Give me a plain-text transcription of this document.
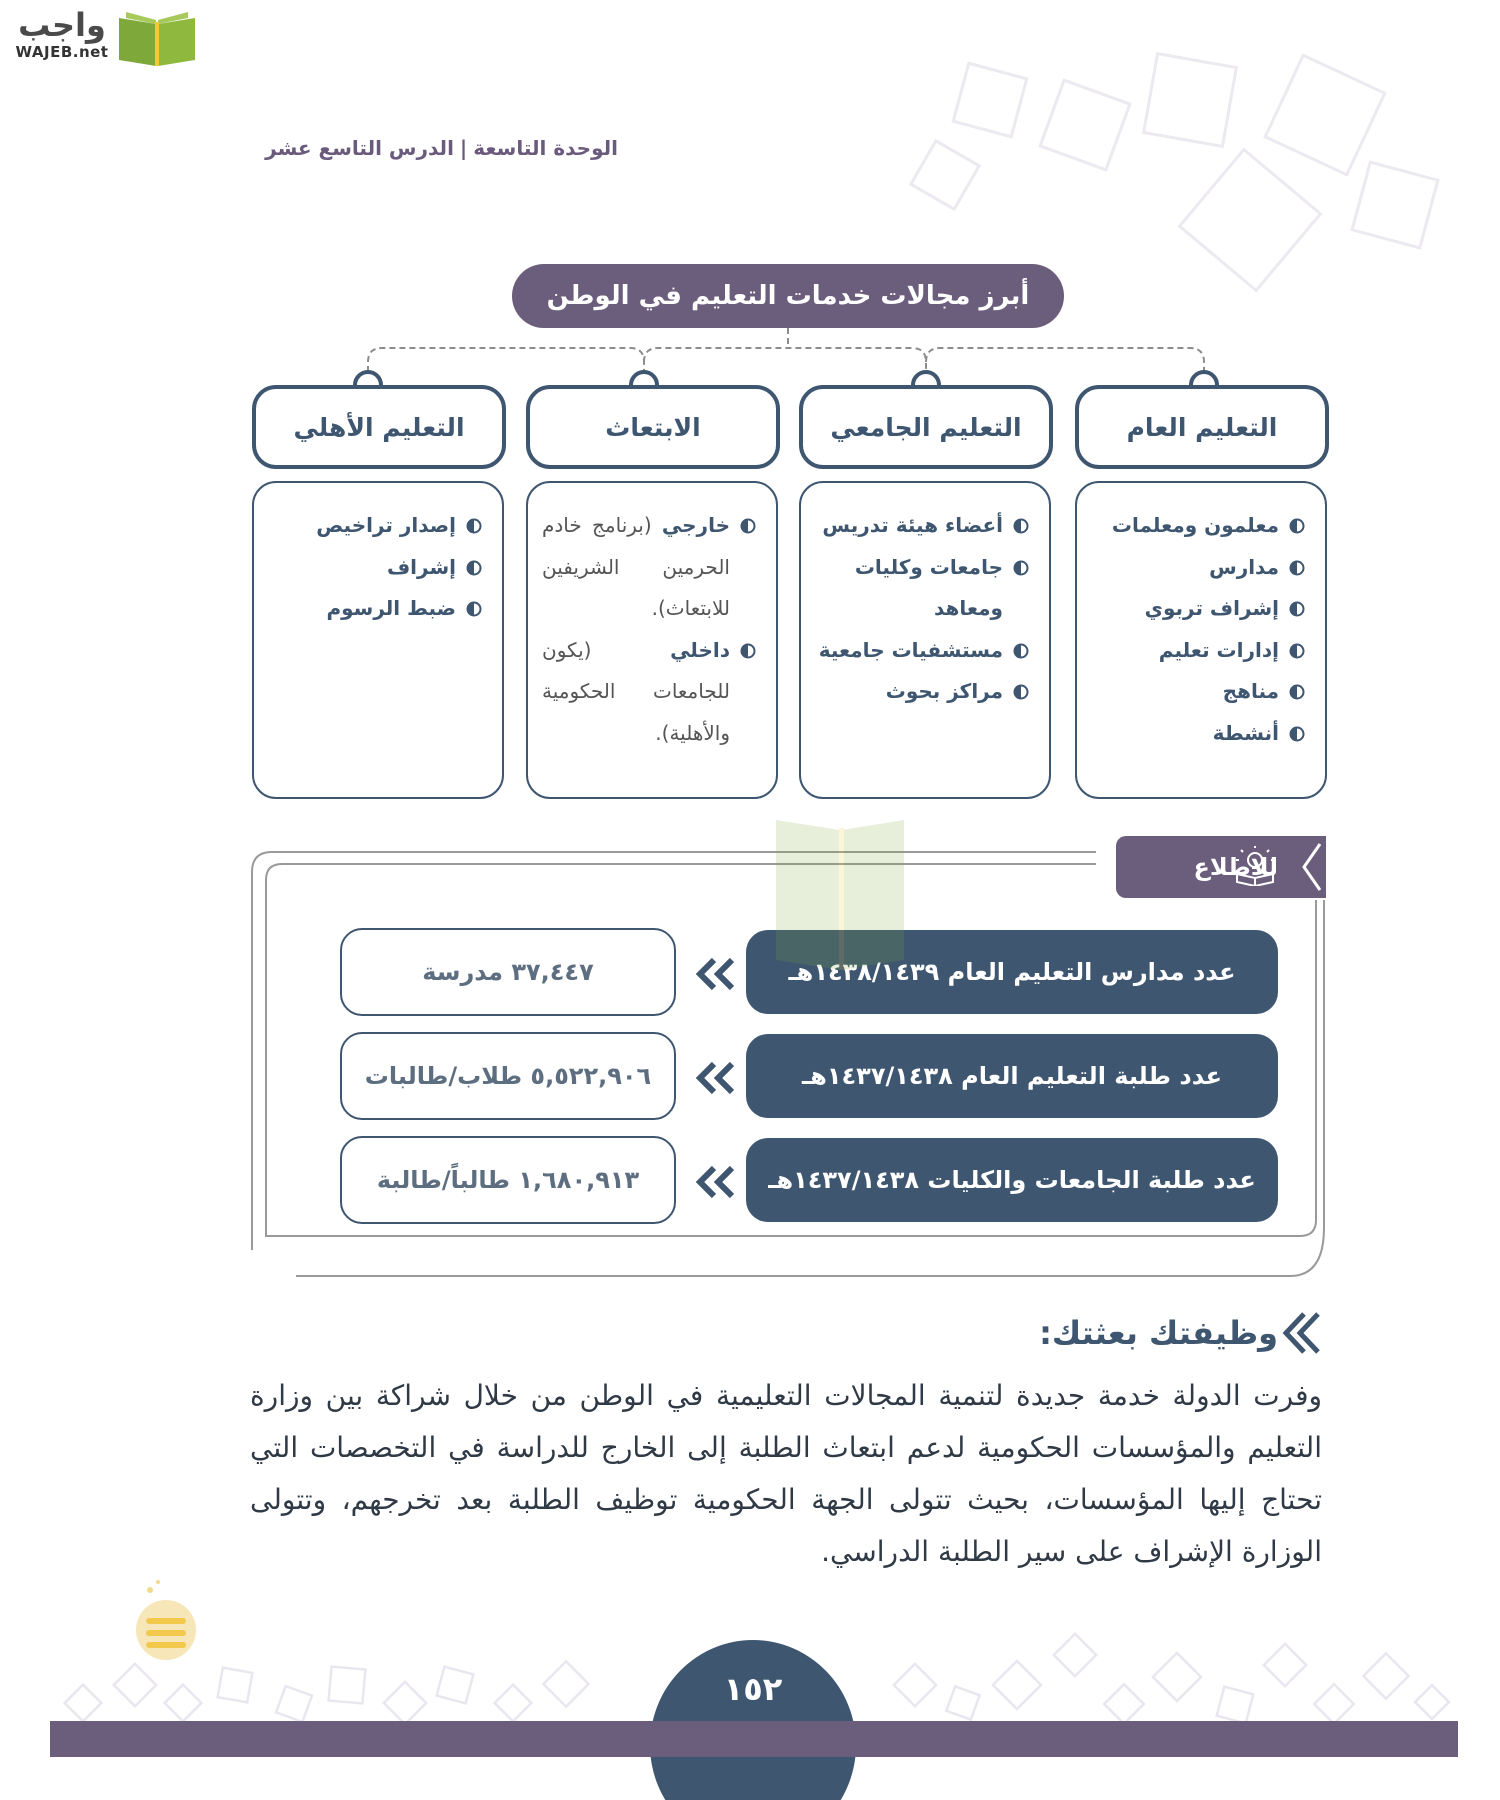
واجب
WAJEB.net
الوحدة التاسعة|الدرس التاسع عشر
أبرز مجالات خدمات التعليم في الوطن
التعليم العام
التعليم الجامعي
الابتعاث
التعليم الأهلي
معلمون ومعلمات
مدارس
إشراف تربوي
إدارات تعليم
مناهج
أنشطة
أعضاء هيئة تدريس
جامعات وكليات ومعاهد
مستشفيات جامعية
مراكز بحوث
خارجي (برنامج خادم الحرمين الشريفين للابتعاث).
داخلي (يكون للجامعات الحكومية والأهلية).
إصدار تراخيص
إشراف
ضبط الرسوم
للاطلاع
عدد مدارس التعليم العام ١٤٣٨/١٤٣٩هـ
٣٧,٤٤٧ مدرسة
عدد طلبة التعليم العام ١٤٣٧/١٤٣٨هـ
٥,٥٢٢,٩٠٦ طلاب/طالبات
عدد طلبة الجامعات والكليات ١٤٣٧/١٤٣٨هـ
١,٦٨٠,٩١٣ طالباً/طالبة
وظيفتك بعثتك:

وفرت الدولة خدمة جديدة لتنمية المجالات التعليمية في الوطن من خلال شراكة بين وزارة التعليم والمؤسسات الحكومية لدعم ابتعاث الطلبة إلى الخارج للدراسة في التخصصات التي تحتاج إليها المؤسسات، بحيث تتولى الجهة الحكومية توظيف الطلبة بعد تخرجهم، وتتولى الوزارة الإشراف على سير الطلبة الدراسي.

١٥٢
